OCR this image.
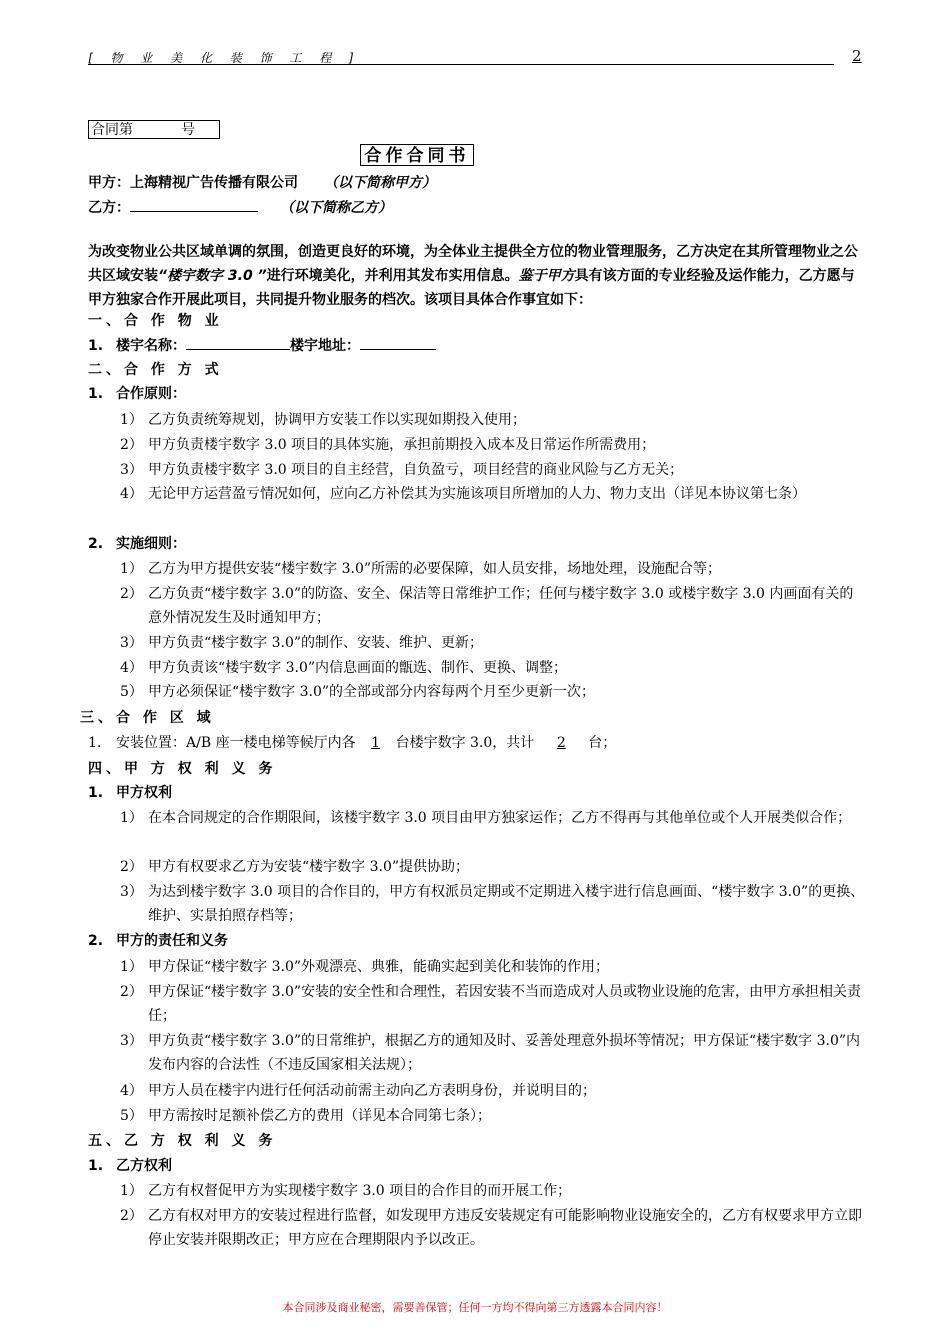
[ 物 业 美 化 装 饰 工 程 ]	2
合同第	号
合作合同书
甲方：上海精视广告传播有限公司 （以下简称甲方）
乙方：	（以下简称乙方）
为改变物业公共区域单调的氛围，创造更良好的环境，为全体业主提供全方位的物业管理服务，乙方决定在其所管理物业之公共区域安装“楼宇数字 3.0 ”进行环境美化，并利用其发布实用信息。鉴于甲方具有该方面的专业经验及运作能力，乙方愿与甲方独家合作开展此项目，共同提升物业服务的档次。该项目具体合作事宜如下：
一、合 作 物 业
1. 楼宇名称：	楼宇地址：
二、合 作 方 式
1. 合作原则：
1） 乙方负责统筹规划，协调甲方安装工作以实现如期投入使用；
2） 甲方负责楼宇数字 3.0 项目的具体实施，承担前期投入成本及日常运作所需费用；
3） 甲方负责楼宇数字 3.0 项目的自主经营，自负盈亏，项目经营的商业风险与乙方无关；
4） 无论甲方运营盈亏情况如何，应向乙方补偿其为实施该项目所增加的人力、物力支出（详见本协议第七条）
2. 实施细则：
1） 乙方为甲方提供安装“楼宇数字 3.0”所需的必要保障，如人员安排，场地处理，设施配合等；
2） 乙方负责“楼宇数字 3.0”的防盗、安全、保洁等日常维护工作；任何与楼宇数字 3.0 或楼宇数字 3.0 内画面有关的意外情况发生及时通知甲方；
3） 甲方负责“楼宇数字 3.0”的制作、安装、维护、更新；
4） 甲方负责该“楼宇数字 3.0”内信息画面的甑选、制作、更换、调整；
5） 甲方必须保证“楼宇数字 3.0”的全部或部分内容每两个月至少更新一次；
三、合 作 区 域
1. 安装位置：A/B 座一楼电梯等候厅内各 1 台楼宇数字 3.0，共计 2 台；
四、甲 方 权 利 义 务
1. 甲方权利
1） 在本合同规定的合作期限间，该楼宇数字 3.0 项目由甲方独家运作；乙方不得再与其他单位或个人开展类似合作；
2） 甲方有权要求乙方为安装“楼宇数字 3.0”提供协助；
3） 为达到楼宇数字 3.0 项目的合作目的，甲方有权派员定期或不定期进入楼宇进行信息画面、“楼宇数字 3.0”的更换、维护、实景拍照存档等；
2. 甲方的责任和义务
1） 甲方保证“楼宇数字 3.0”外观漂亮、典雅，能确实起到美化和装饰的作用；
2） 甲方保证“楼宇数字 3.0”安装的安全性和合理性，若因安装不当而造成对人员或物业设施的危害，由甲方承担相关责任；
3） 甲方负责“楼宇数字 3.0”的日常维护，根据乙方的通知及时、妥善处理意外损坏等情况；甲方保证“楼宇数字 3.0”内发布内容的合法性（不违反国家相关法规）；
4） 甲方人员在楼宇内进行任何活动前需主动向乙方表明身份，并说明目的；
5） 甲方需按时足额补偿乙方的费用（详见本合同第七条）；
五、乙 方 权 利 义 务
1. 乙方权利
1） 乙方有权督促甲方为实现楼宇数字 3.0 项目的合作目的而开展工作；
2） 乙方有权对甲方的安装过程进行监督，如发现甲方违反安装规定有可能影响物业设施安全的，乙方有权要求甲方立即停止安装并限期改正；甲方应在合理期限内予以改正。
本合同涉及商业秘密，需要善保管；任何一方均不得向第三方透露本合同内容！
